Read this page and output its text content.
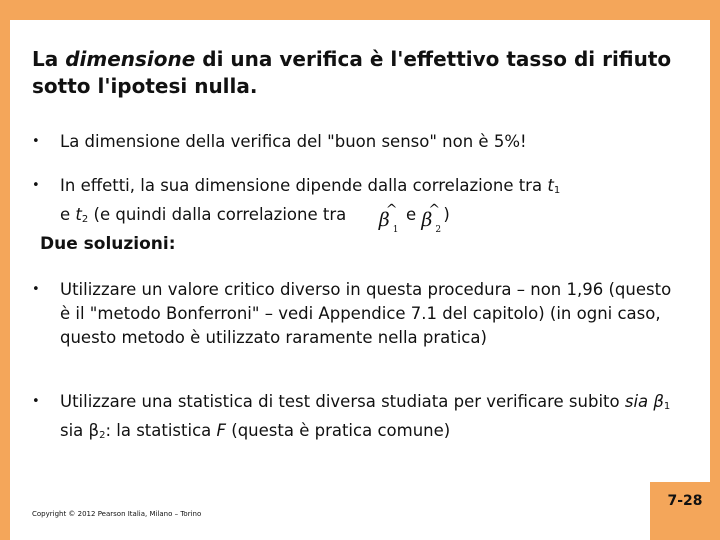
La dimensione di una verifica è l'effettivo tasso di rifiuto sotto l'ipotesi nulla.
• La dimensione della verifica del "buon senso" non è 5%!
• In effetti, la sua dimensione dipende dalla correlazione tra $t_1$
e $t_2$ (e quindi dalla correlazione tra ^
β 1
e ^
β 2
)
Due soluzioni:
• Utilizzare un valore critico diverso in questa procedura – non 1,96 (questo è il "metodo Bonferroni" – vedi Appendice 7.1 del capitolo) (in ogni caso, questo metodo è utilizzato raramente nella pratica)
• Utilizzare una statistica di test diversa studiata per verificare subito sia $\beta_1$ sia $\beta_2$: la statistica F (questa è pratica comune)
Copyright © 2012 Pearson Italia, Milano – Torino
7-28
